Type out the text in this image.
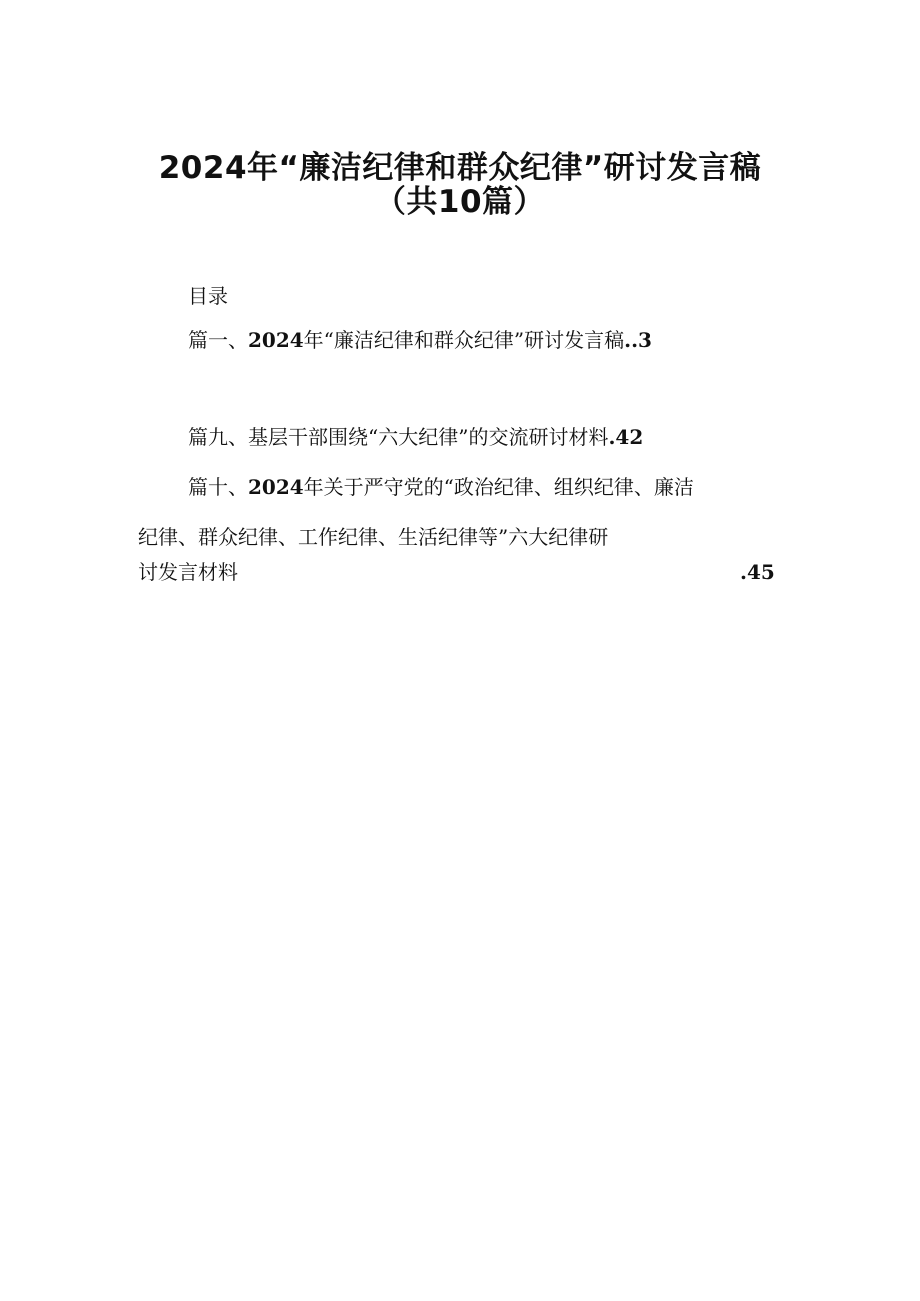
2024年“廉洁纪律和群众纪律”研讨发言稿
（共10篇）
目录
篇一、2024年“廉洁纪律和群众纪律”研讨发言稿..3
篇九、基层干部围绕“六大纪律”的交流研讨材料.42
篇十、2024年关于严守党的“政治纪律、组织纪律、廉洁
纪律、群众纪律、工作纪律、生活纪律等”六大纪律研
讨发言材料	.45
